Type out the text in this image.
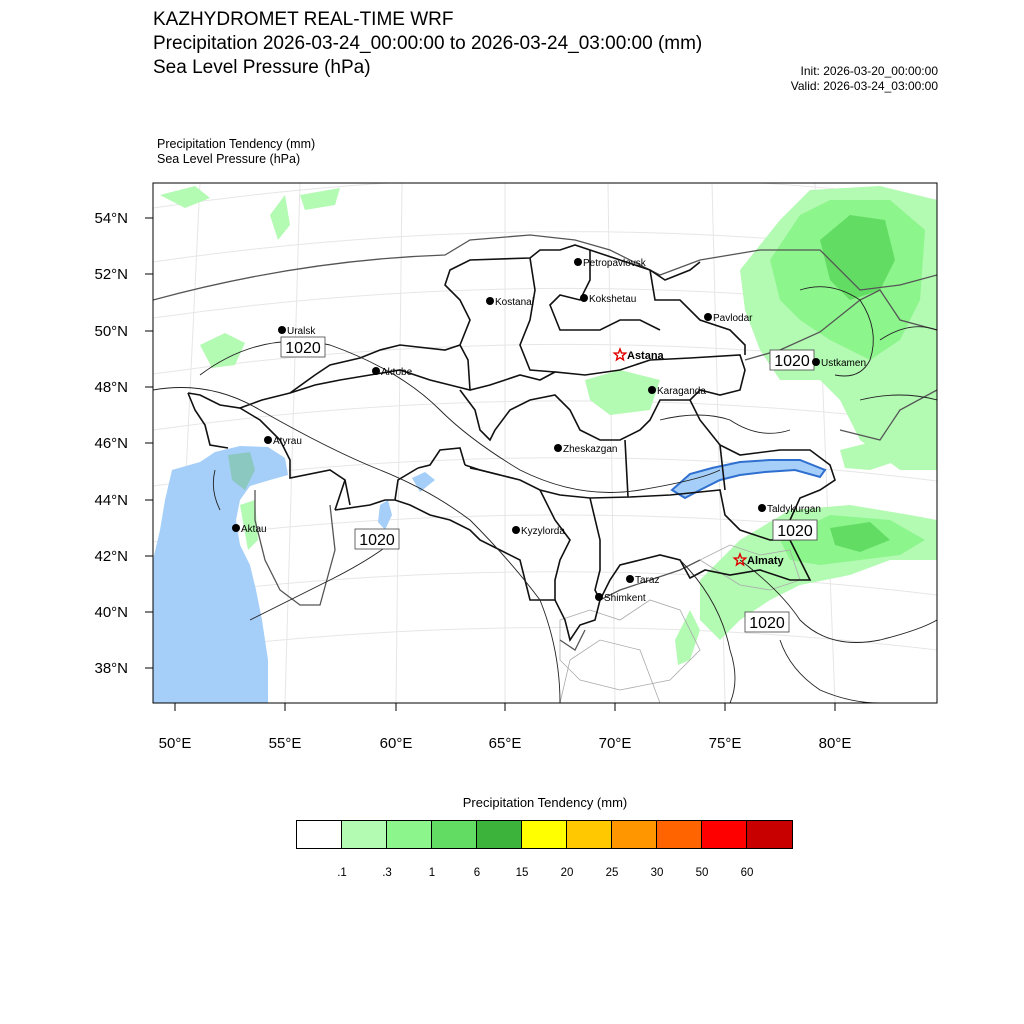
KAZHYDROMET REAL-TIME WRF
Precipitation 2026-03-24_00:00:00 to 2026-03-24_03:00:00 (mm)
Sea Level Pressure (hPa)	Init: 2026-03-20_00:00:00
Valid: 2026-03-24_03:00:00
Precipitation Tendency (mm)
Sea Level Pressure (hPa)
54°N
52°N
50°N
48°N
46°N
44°N
42°N
40°N
38°N
50°E	55°E	60°E	65°E	70°E	75°E	80°E
1020
1020
1020
1020
1020
Petropavlovsk
Kostanai	Kokshetau
Pavlodar
Uralsk
Astana
Ustkamen
Aktobe
Karaganda
Atyrau
Zheskazgan
Taldykurgan
Aktau	Kyzylorda
Almaty
Taraz
Shimkent
Precipitation Tendency (mm)
.1	.3	1	6	15	20	25	30	50	60
